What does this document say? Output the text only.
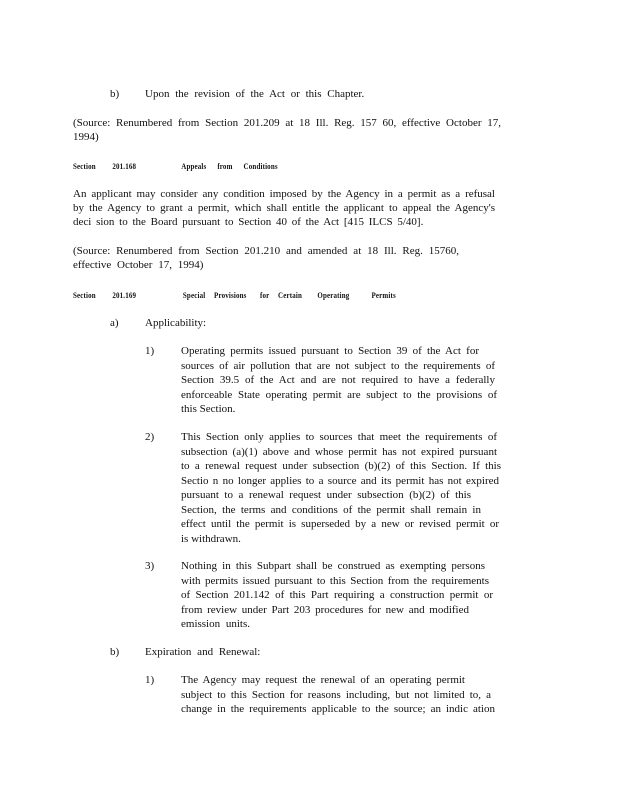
b) Upon the revision of the Act or this Chapter.
(Source: Renumbered from Section 201.209 at 18 Ill. Reg. 157 60, effective October 17,
1994)
Section 201.168	Appeals from Conditions
An applicant may consider any condition imposed by the Agency in a permit as a refusal
by the Agency to grant a permit, which shall entitle the applicant to appeal the Agency's
deci sion to the Board pursuant to Section 40 of the Act [415 ILCS 5/40].
(Source: Renumbered from Section 201.210 and amended at 18 Ill. Reg. 15760,
effective October 17, 1994)
Section 201.169	Special Provisions for Certain Operating	Permits
a) Applicability:
1) Operating permits issued pursuant to Section 39 of the Act for
sources of air pollution that are not subject to the requirements of
Section 39.5 of the Act and are not required to have a federally
enforceable State operating permit are subject to the provisions of
this Section.
2) This Section only applies to sources that meet the requirements of
subsection (a)(1) above and whose permit has not expired pursuant
to a renewal request under subsection (b)(2) of this Section. If this
Sectio n no longer applies to a source and its permit has not expired
pursuant to a renewal request under subsection (b)(2) of this
Section, the terms and conditions of the permit shall remain in
effect until the permit is superseded by a new or revised permit or
is withdrawn.
3) Nothing in this Subpart shall be construed as exempting persons
with permits issued pursuant to this Section from the requirements
of Section 201.142 of this Part requiring a construction permit or
from review under Part 203 procedures for new and modified
emission units.
b) Expiration and Renewal:
1) The Agency may request the renewal of an operating permit
subject to this Section for reasons including, but not limited to, a
change in the requirements applicable to the source; an indic ation
